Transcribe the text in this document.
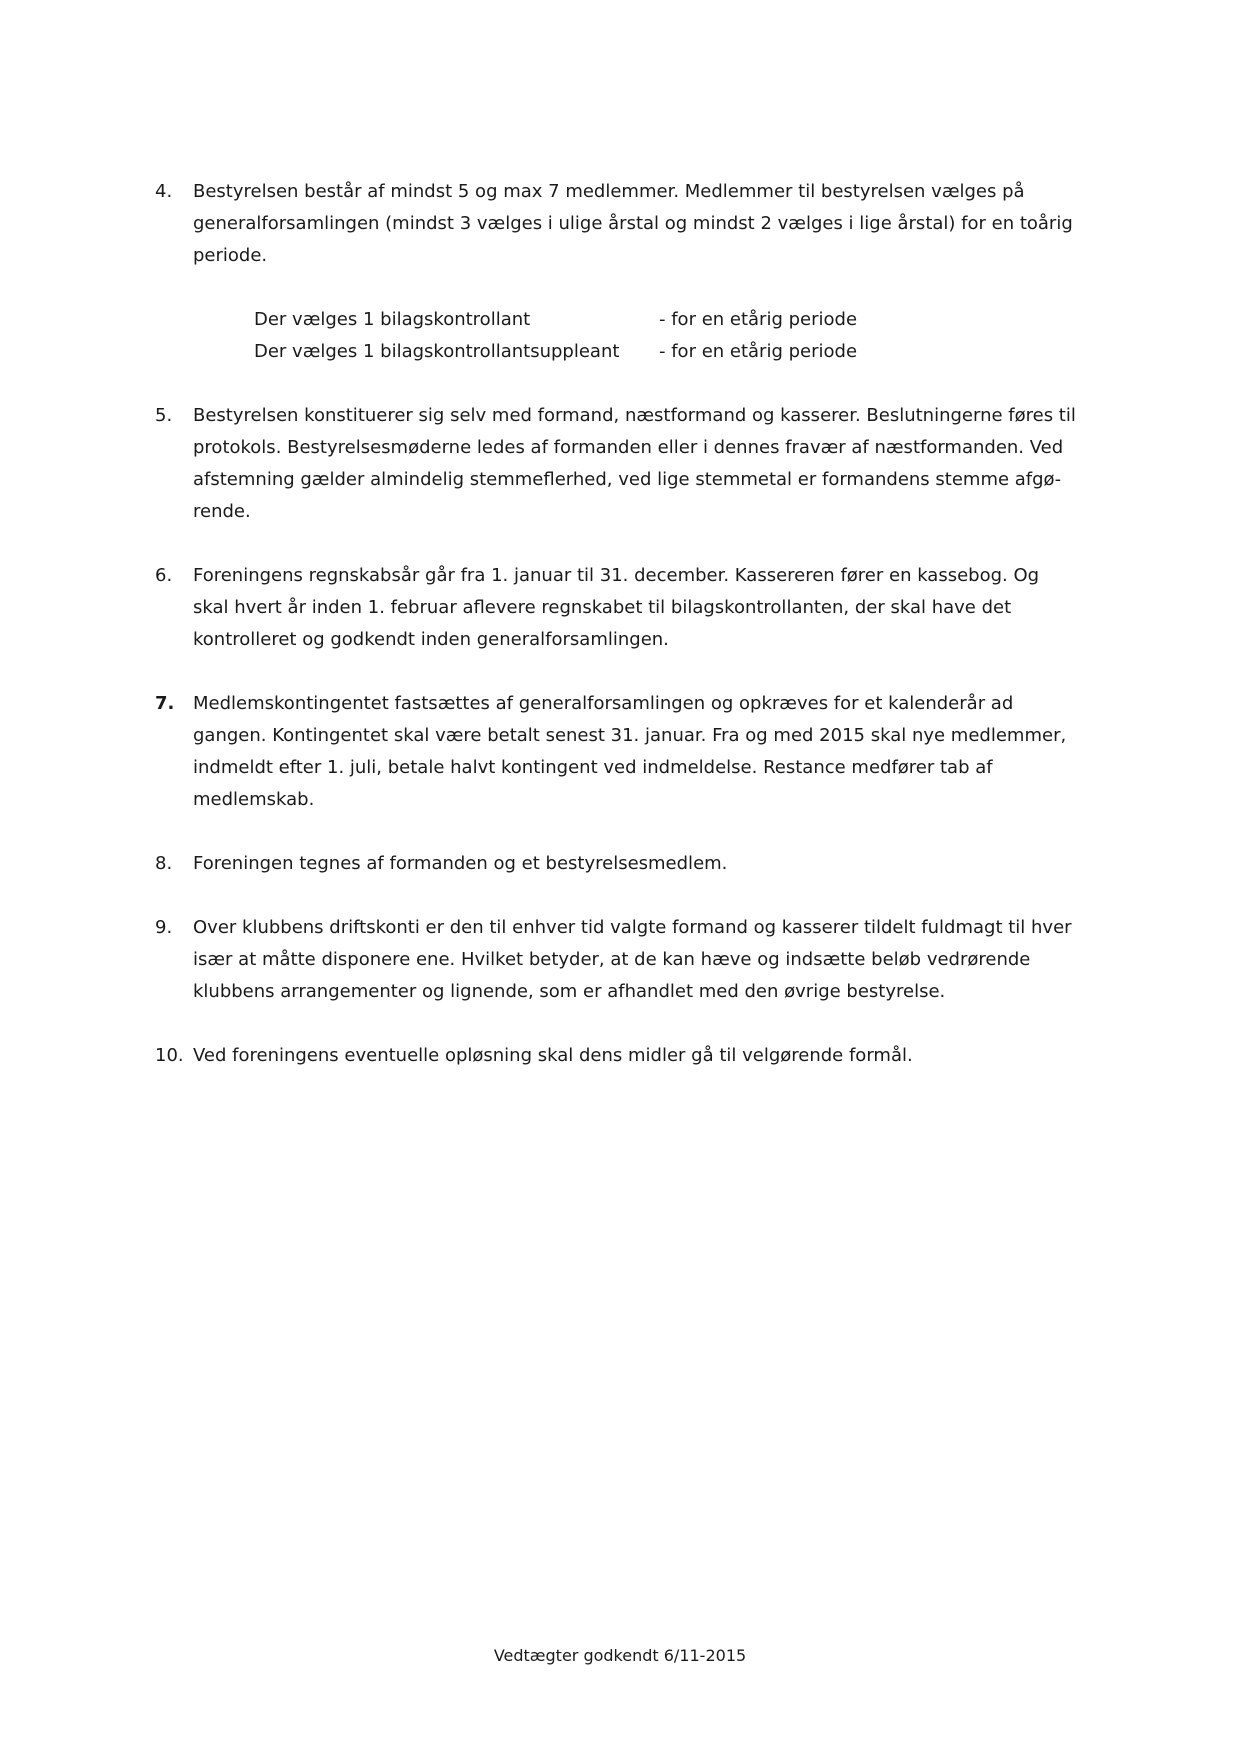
4. Bestyrelsen består af mindst 5 og max 7 medlemmer. Medlemmer til bestyrelsen vælges på
generalforsamlingen (mindst 3 vælges i ulige årstal og mindst 2 vælges i lige årstal) for en toårig
periode.
Der vælges 1 bilagskontrollant	- for en etårig periode
Der vælges 1 bilagskontrollantsuppleant - for en etårig periode
5. Bestyrelsen konstituerer sig selv med formand, næstformand og kasserer. Beslutningerne føres til
protokols. Bestyrelsesmøderne ledes af formanden eller i dennes fravær af næstformanden. Ved
afstemning gælder almindelig stemmeflerhed, ved lige stemmetal er formandens stemme afgø-
rende.
6. Foreningens regnskabsår går fra 1. januar til 31. december. Kassereren fører en kassebog. Og
skal hvert år inden 1. februar aflevere regnskabet til bilagskontrollanten, der skal have det
kontrolleret og godkendt inden generalforsamlingen.
7. Medlemskontingentet fastsættes af generalforsamlingen og opkræves for et kalenderår ad
gangen. Kontingentet skal være betalt senest 31. januar. Fra og med 2015 skal nye medlemmer,
indmeldt efter 1. juli, betale halvt kontingent ved indmeldelse. Restance medfører tab af
medlemskab.
8. Foreningen tegnes af formanden og et bestyrelsesmedlem.
9. Over klubbens driftskonti er den til enhver tid valgte formand og kasserer tildelt fuldmagt til hver
især at måtte disponere ene. Hvilket betyder, at de kan hæve og indsætte beløb vedrørende
klubbens arrangementer og lignende, som er afhandlet med den øvrige bestyrelse.
10. Ved foreningens eventuelle opløsning skal dens midler gå til velgørende formål.
Vedtægter godkendt 6/11-2015
